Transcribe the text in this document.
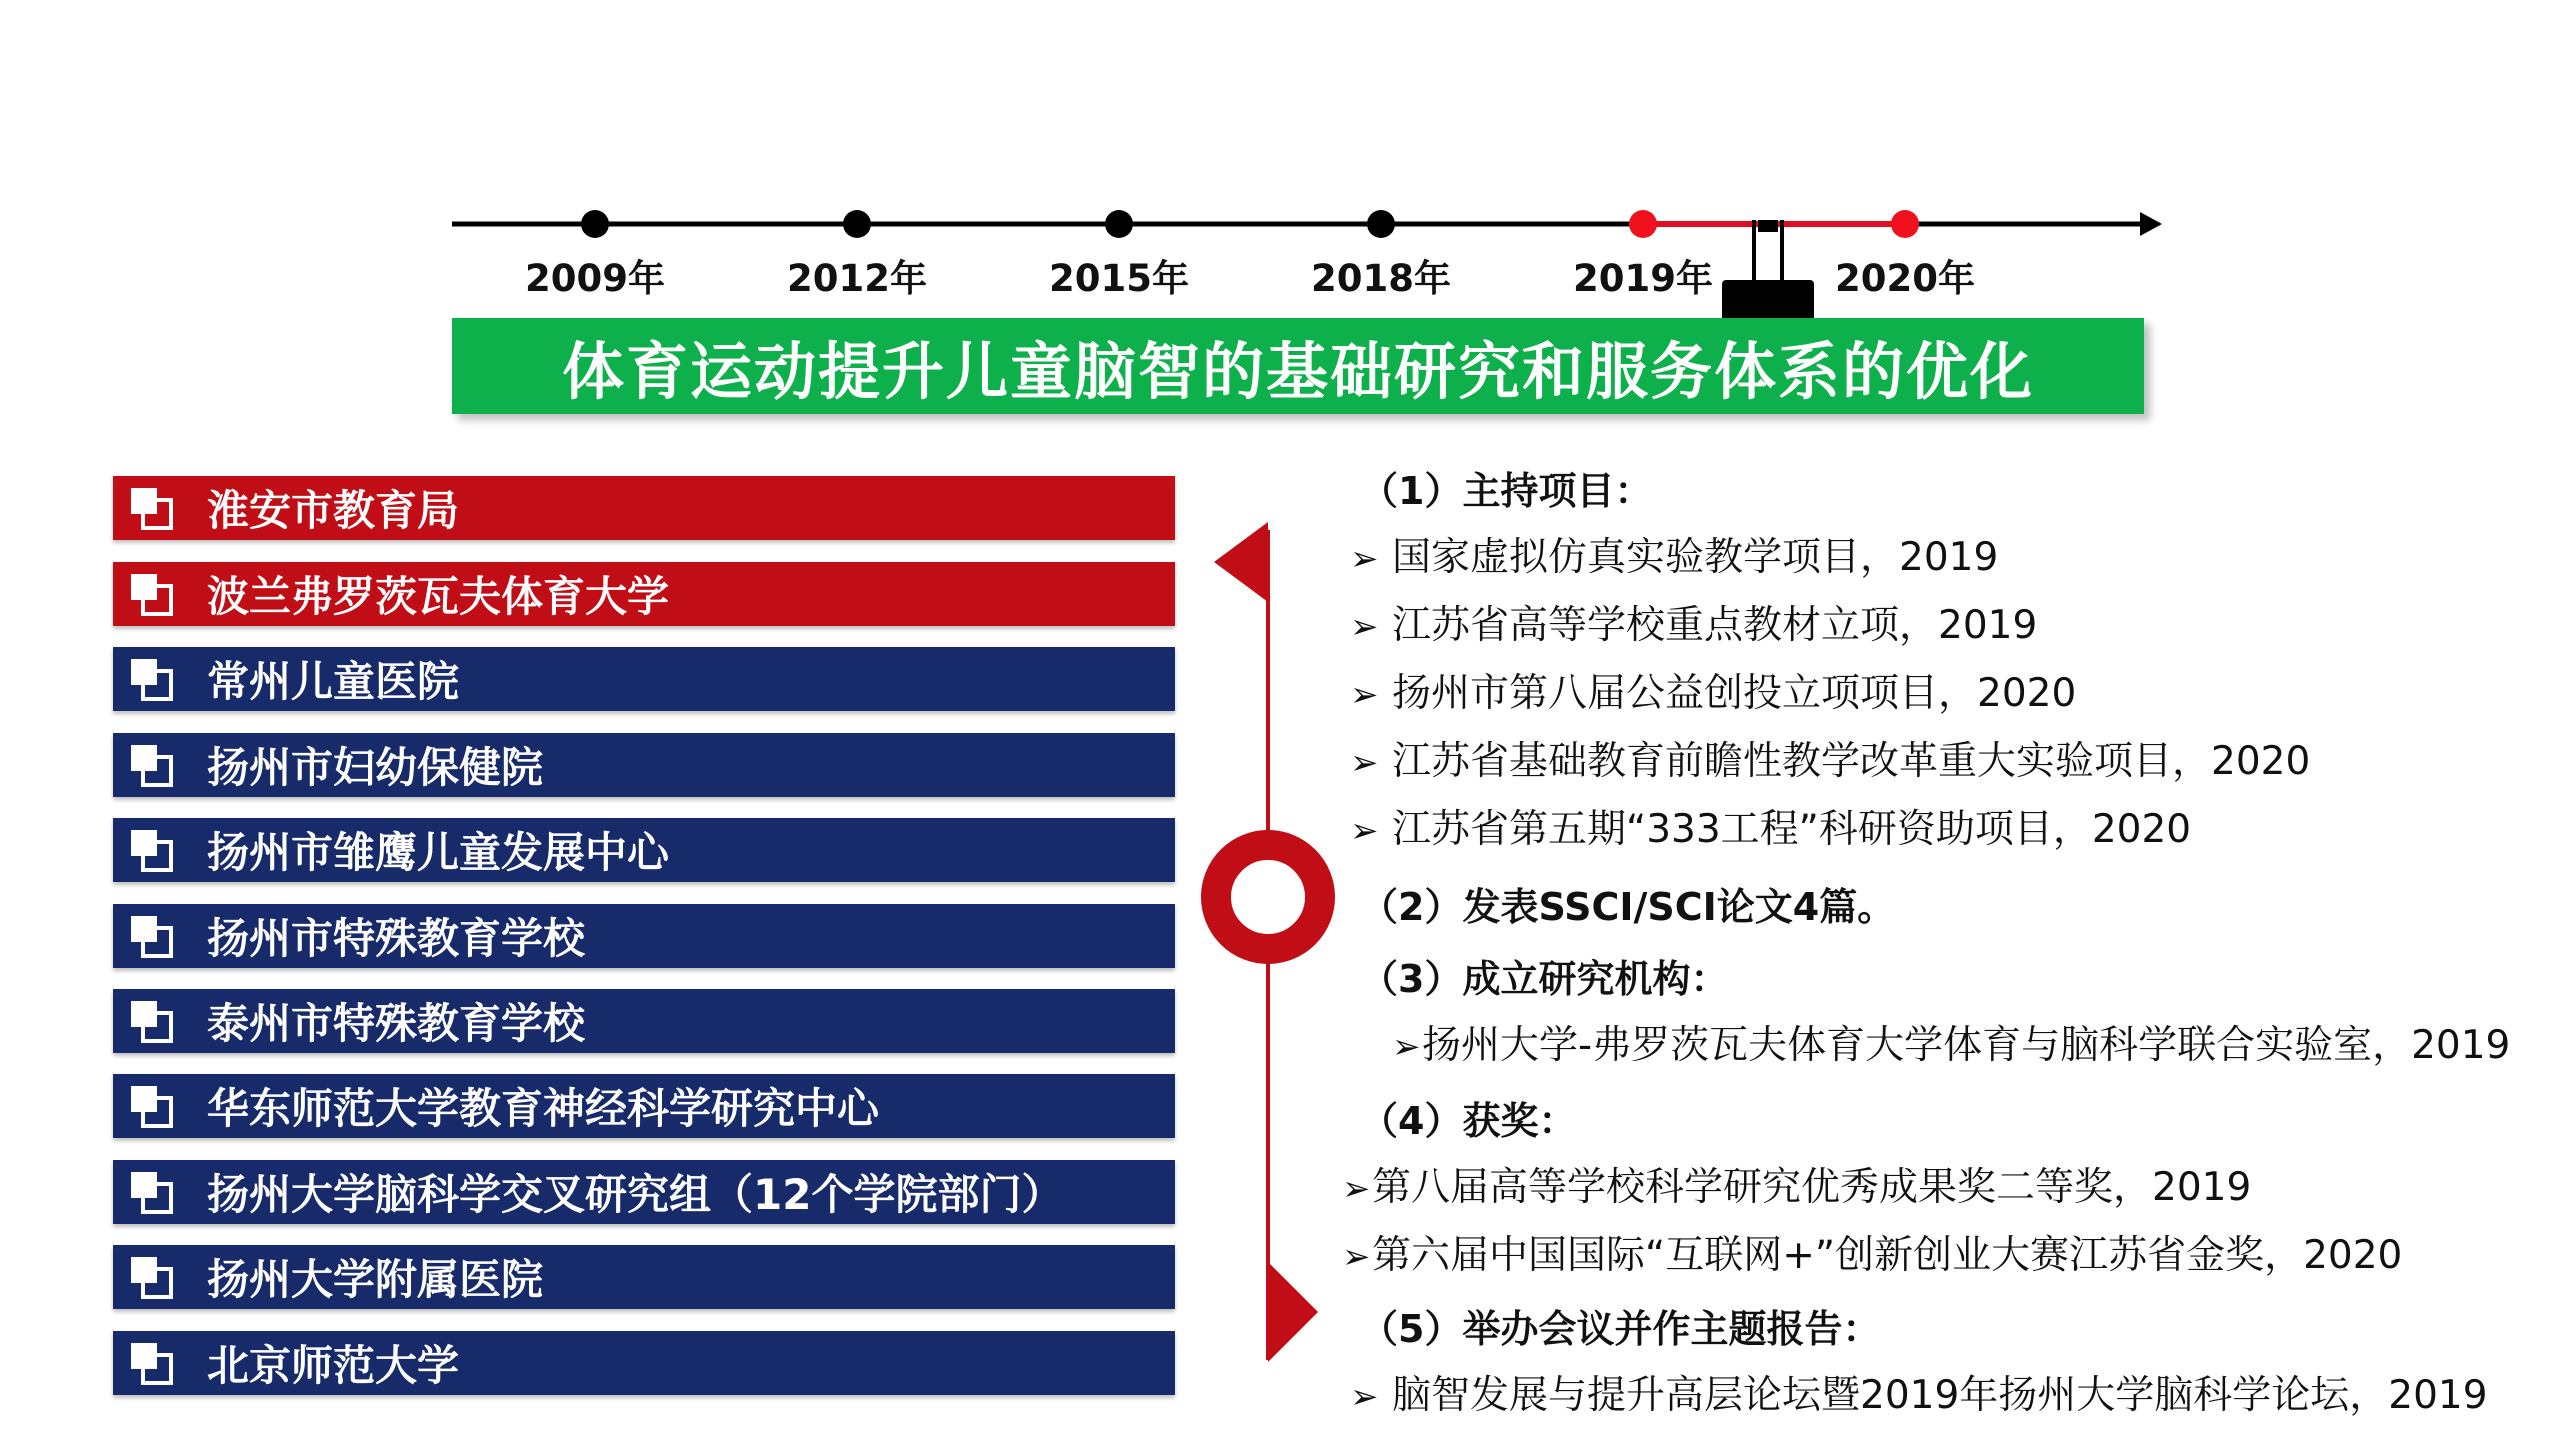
2009年	2012年	2015年	2018年	2019年	2020年
体育运动提升儿童脑智的基础研究和服务体系的优化
淮安市教育局
波兰弗罗茨瓦夫体育大学
常州儿童医院
扬州市妇幼保健院
扬州市雏鹰儿童发展中心
扬州市特殊教育学校
泰州市特殊教育学校
华东师范大学教育神经科学研究中心
扬州大学脑科学交叉研究组（12个学院部门）
扬州大学附属医院
北京师范大学
（1）主持项目：
➢ 国家虚拟仿真实验教学项目，2019
➢ 江苏省高等学校重点教材立项，2019
➢ 扬州市第八届公益创投立项项目，2020
➢ 江苏省基础教育前瞻性教学改革重大实验项目，2020
➢ 江苏省第五期“333工程”科研资助项目，2020
（2）发表SSCI/SCI论文4篇。
（3）成立研究机构：
➢扬州大学-弗罗茨瓦夫体育大学体育与脑科学联合实验室，2019
（4）获奖：
➢第八届高等学校科学研究优秀成果奖二等奖，2019
➢第六届中国国际“互联网+”创新创业大赛江苏省金奖，2020
（5）举办会议并作主题报告：
➢ 脑智发展与提升高层论坛暨2019年扬州大学脑科学论坛，2019
